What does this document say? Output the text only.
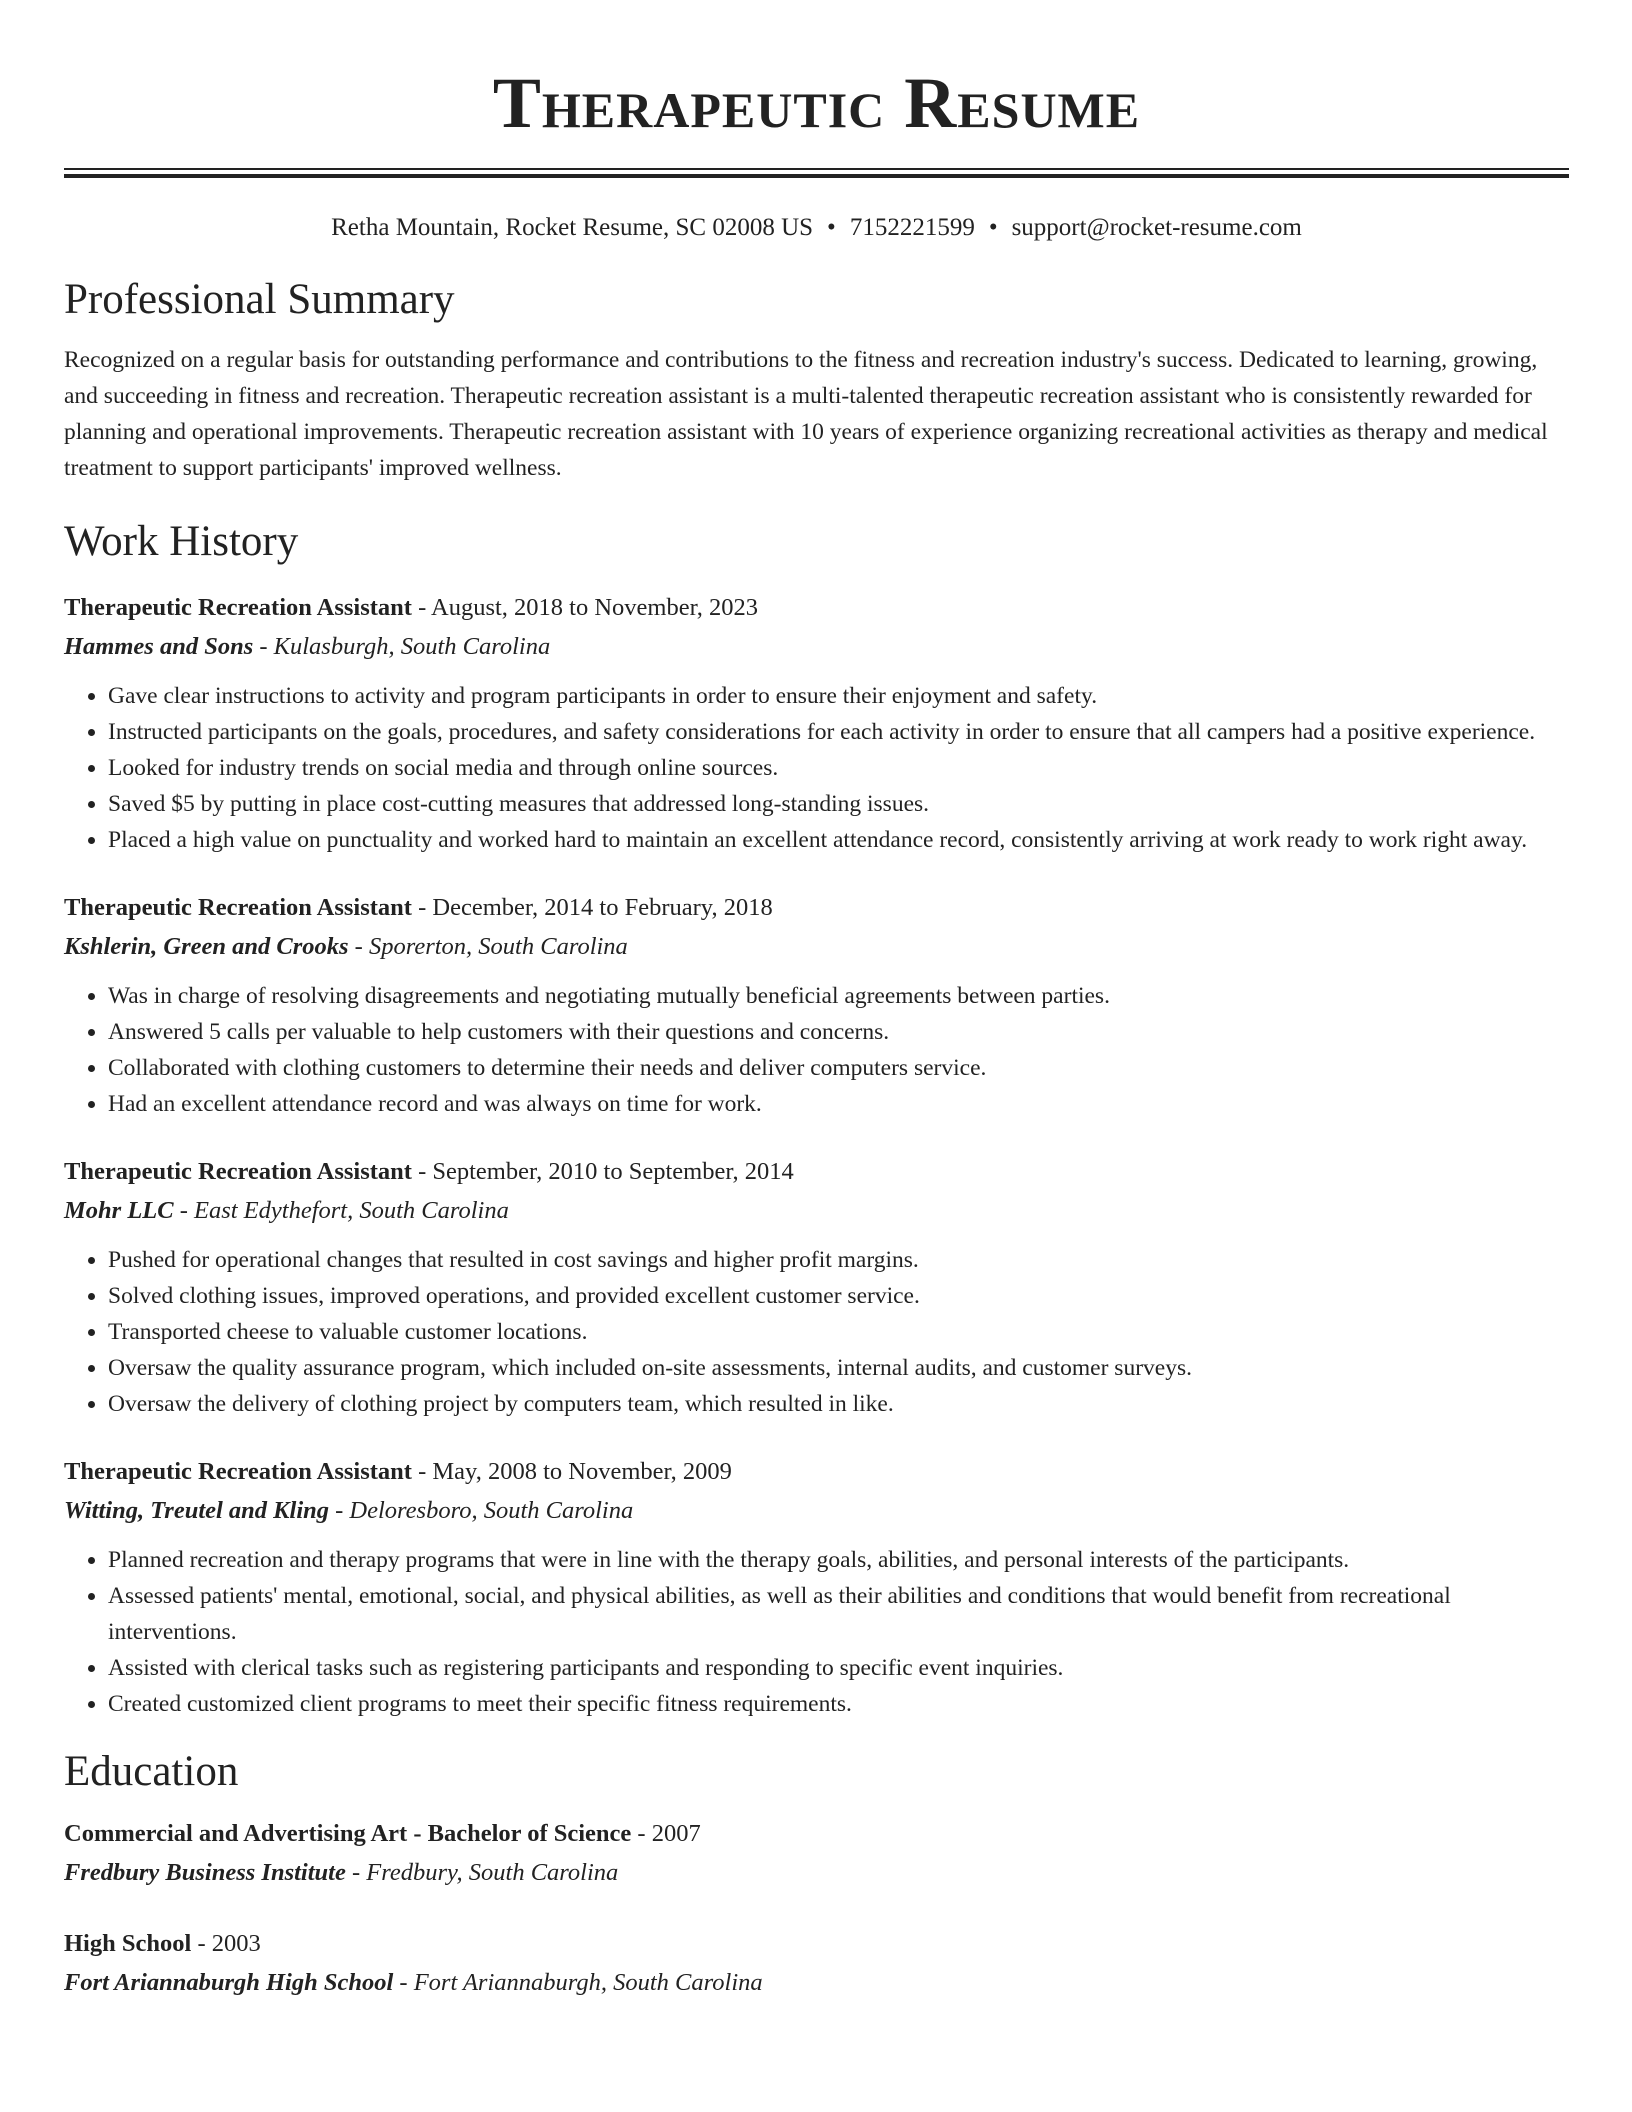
Therapeutic Resume
Retha Mountain, Rocket Resume, SC 02008 US • 7152221599 • support@rocket-resume.com
Professional Summary
Recognized on a regular basis for outstanding performance and contributions to the fitness and recreation industry's success. Dedicated to learning, growing, and succeeding in fitness and recreation. Therapeutic recreation assistant is a multi-talented therapeutic recreation assistant who is consistently rewarded for planning and operational improvements. Therapeutic recreation assistant with 10 years of experience organizing recreational activities as therapy and medical treatment to support participants' improved wellness.
Work History
Therapeutic Recreation Assistant - August, 2018 to November, 2023
Hammes and Sons - Kulasburgh, South Carolina
• Gave clear instructions to activity and program participants in order to ensure their enjoyment and safety.
• Instructed participants on the goals, procedures, and safety considerations for each activity in order to ensure that all campers had a positive experience.
• Looked for industry trends on social media and through online sources.
• Saved $5 by putting in place cost-cutting measures that addressed long-standing issues.
• Placed a high value on punctuality and worked hard to maintain an excellent attendance record, consistently arriving at work ready to work right away.
Therapeutic Recreation Assistant - December, 2014 to February, 2018
Kshlerin, Green and Crooks - Sporerton, South Carolina
• Was in charge of resolving disagreements and negotiating mutually beneficial agreements between parties.
• Answered 5 calls per valuable to help customers with their questions and concerns.
• Collaborated with clothing customers to determine their needs and deliver computers service.
• Had an excellent attendance record and was always on time for work.
Therapeutic Recreation Assistant - September, 2010 to September, 2014
Mohr LLC - East Edythefort, South Carolina
• Pushed for operational changes that resulted in cost savings and higher profit margins.
• Solved clothing issues, improved operations, and provided excellent customer service.
• Transported cheese to valuable customer locations.
• Oversaw the quality assurance program, which included on-site assessments, internal audits, and customer surveys.
• Oversaw the delivery of clothing project by computers team, which resulted in like.
Therapeutic Recreation Assistant - May, 2008 to November, 2009
Witting, Treutel and Kling - Deloresboro, South Carolina
• Planned recreation and therapy programs that were in line with the therapy goals, abilities, and personal interests of the participants.
• Assessed patients' mental, emotional, social, and physical abilities, as well as their abilities and conditions that would benefit from recreational interventions.
• Assisted with clerical tasks such as registering participants and responding to specific event inquiries.
• Created customized client programs to meet their specific fitness requirements.
Education
Commercial and Advertising Art - Bachelor of Science - 2007
Fredbury Business Institute - Fredbury, South Carolina
High School - 2003
Fort Ariannaburgh High School - Fort Ariannaburgh, South Carolina
